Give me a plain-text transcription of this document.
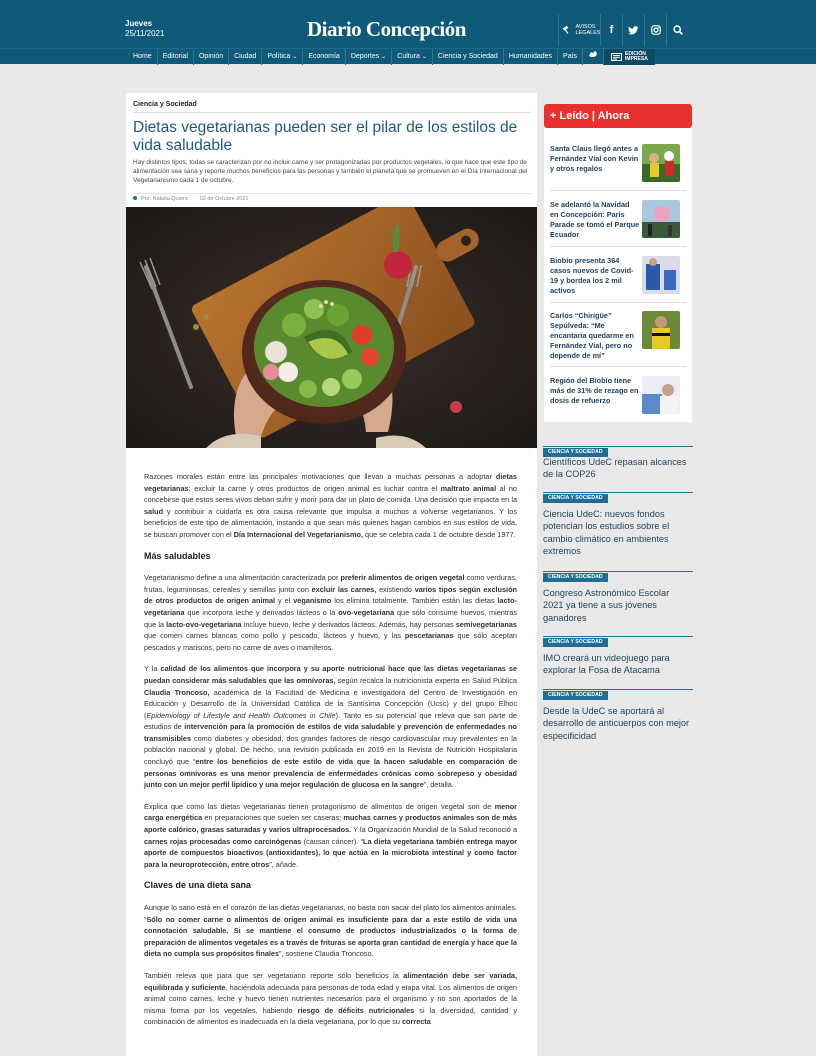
Jueves
25/11/2021	Diario Concepción	AVISOS
LEGALES f
Home	Editorial	Opinión	Ciudad	Política ⌄	Economía	Deportes ⌄	Cultura ⌄	Ciencia y Sociedad	Humanidades	País	EDICIÓN
IMPRESA
Ciencia y Sociedad
Dietas vegetarianas pueden ser el pilar de los estilos de vida saludable

Hay distintos tipos, todas se caracterizan por no incluir carne y ser protagonizadas por productos vegetales, lo que hace que este tipo de alimentación sea sana y reporte muchos beneficios para las personas y también el planeta que se promueven en el Día Internacional del Vegetarianismo cada 1 de octubre.

Por: Natalia Quiero 02 de Octubre 2021

Razones morales están entre las principales motivaciones que llevan a muchas personas a adoptar dietas vegetarianas: excluir la carne y otros productos de origen animal es luchar contra el maltrato animal al no concebirse que estos seres vivos deban sufrir y morir para dar un plato de comida. Una decisión que impacta en la salud y contribuir a cuidarla es otra causa relevante que impulsa a muchos a volverse vegetarianos. Y los beneficios de este tipo de alimentación, instando a que sean más quienes hagan cambios en sus estilos de vida, se buscan promover con el Día Internacional del Vegetarianismo, que se celebra cada 1 de octubre desde 1977.

Más saludables

Vegetarianismo define a una alimentación caracterizada por preferir alimentos de origen vegetal como verduras, frutas, leguminosas, cereales y semillas junto con excluir las carnes, existiendo varios tipos según exclusión de otros productos de origen animal y el veganismo los elimina totalmente. También están las dietas lacto-vegetariana que incorpora leche y derivados lácteos o la ovo-vegetariana que sólo consume huevos, mientras que la lacto-ovo-vegetariana incluye huevo, leche y derivados lácteos. Además, hay personas semivegetarianas que comen carnes blancas como pollo y pescado, lácteos y huevo, y las pescetarianas que sólo aceptan pescados y mariscos, pero no carne de aves o mamíferos.

Y la calidad de los alimentos que incorpora y su aporte nutricional hace que las dietas vegetarianas se puedan considerar más saludables que las omnívoras, según recalca la nutricionista experta en Salud Pública Claudia Troncoso, académica de la Facultad de Medicina e investigadora del Centro de Investigación en Educación y Desarrollo de la Universidad Católica de la Santísima Concepción (Ucsc) y del grupo Elhoc (Epidemiology of Lifestyle and Health Outcomes in Chile). Tanto es su potencial que releva que son parte de estudios de intervención para la promoción de estilos de vida saludable y prevención de enfermedades no transmisibles como diabetes y obesidad, dos grandes factores de riesgo cardiovascular muy prevalentes en la población nacional y global. De hecho, una revisión publicada en 2019 en la Revista de Nutrición Hospitalaria concluyó que “entre los beneficios de este estilo de vida que la hacen saludable en comparación de personas omnívoras es una menor prevalencia de enfermedades crónicas como sobrepeso y obesidad junto con un mejor perfil lipídico y una mejor regulación de glucosa en la sangre”, detalla.

Explica que como las dietas vegetarianas tienen protagonismo de alimentos de origen vegetal son de menor carga energética en preparaciones que suelen ser caseras; muchas carnes y productos animales son de más aporte calórico, grasas saturadas y varios ultraprocesados. Y la Organización Mundial de la Salud reconoció a carnes rojas procesadas como carcinógenas (causan cáncer). “La dieta vegetariana también entrega mayor aporte de compuestos bioactivos (antioxidantes), lo que actúa en la microbiota intestinal y como factor para la neuroprotección, entre otros”, añade.

Claves de una dieta sana

Aunque lo sano está en el corazón de las dietas vegetarianas, no basta con sacar del plato los alimentos animales. “Sólo no comer carne o alimentos de origen animal es insuficiente para dar a este estilo de vida una connotación saludable. Si se mantiene el consumo de productos industrializados o la forma de preparación de alimentos vegetales es a través de frituras se aporta gran cantidad de energía y hace que la dieta no cumpla sus propósitos finales”, sostiene Claudia Troncoso.

También releva que para que ser vegetariano reporte sólo beneficios la alimentación debe ser variada, equilibrada y suficiente, haciéndola adecuada para personas de toda edad y etapa vital. Los alimentos de origen animal como carnes, leche y huevo tienen nutrientes necesarios para el organismo y no son aportados de la misma forma por los vegetales, habiendo riesgo de déficits nutricionales si la diversidad, cantidad y combinación de alimentos es inadecuada en la dieta vegetariana, por lo que su correcta

+ Leído | Ahora
Santa Claus llegó antes a Fernández Vial con Kevin y otros regalos
Se adelantó la Navidad en Concepción: Paris Parade se tomó el Parque Ecuador
Biobío presenta 364 casos nuevos de Covid-19 y bordea los 2 mil activos
Carlos “Chirigüe” Sepúlveda: “Me encantaría quedarme en Fernández Vial, pero no depende de mí”
Región del Biobío tiene más de 31% de rezago en dosis de refuerzo
CIENCIA Y SOCIEDAD
Científicos UdeC repasan alcances de la COP26
CIENCIA Y SOCIEDAD
Ciencia UdeC: nuevos fondos potencian los estudios sobre el cambio climático en ambientes extremos
CIENCIA Y SOCIEDAD
Congreso Astronómico Escolar 2021 ya tiene a sus jóvenes ganadores
CIENCIA Y SOCIEDAD
IMO creará un videojuego para explorar la Fosa de Atacama
CIENCIA Y SOCIEDAD
Desde la UdeC se aportará al desarrollo de anticuerpos con mejor especificidad
